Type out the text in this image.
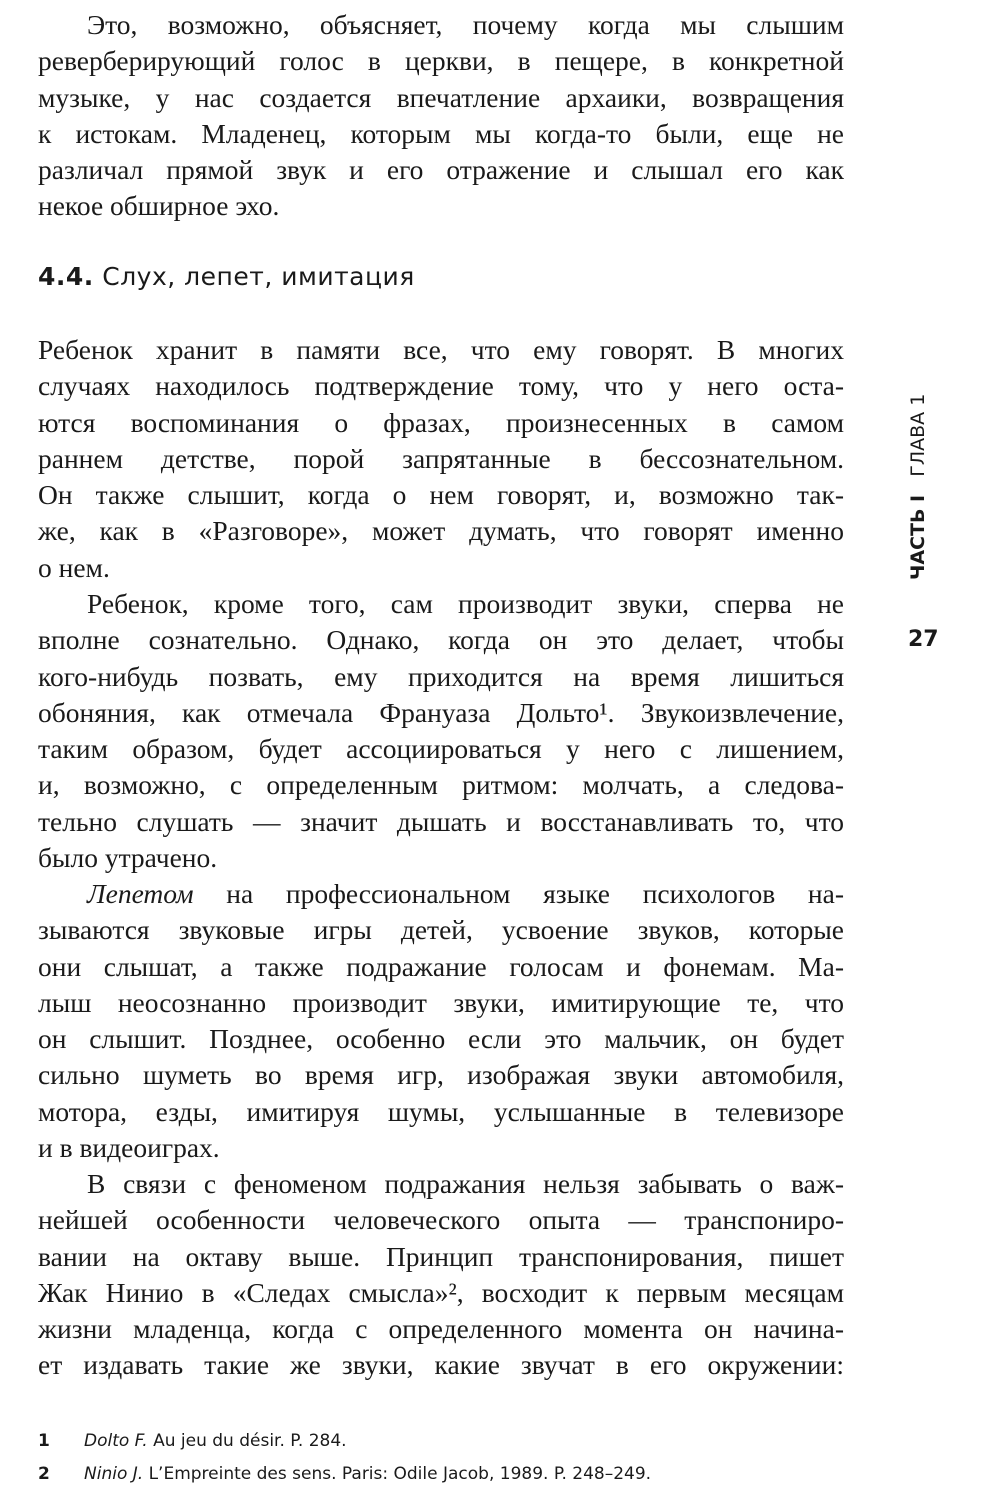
Это, возможно, объясняет, почему когда мы слышим
реверберирующий голос в церкви, в пещере, в конкретной
музыке, у нас создается впечатление архаики, возвращения
к истокам. Младенец, которым мы когда-то были, еще не
различал прямой звук и его отражение и слышал его как
некое обширное эхо.
4.4. Слух, лепет, имитация
Ребенок хранит в памяти все, что ему говорят. В многих
случаях находилось подтверждение тому, что у него оста-
ются воспоминания о фразах, произнесенных в самом
раннем детстве, порой запрятанные в бессознательном.
Он также слышит, когда о нем говорят, и, возможно так-
же, как в «Разговоре», может думать, что говорят именно
о нем.
Ребенок, кроме того, сам производит звуки, сперва не
вполне сознательно. Однако, когда он это делает, чтобы
кого-нибудь позвать, ему приходится на время лишиться
обоняния, как отмечала Франуаза Дольто¹. Звукоизвлечение,
таким образом, будет ассоциироваться у него с лишением,
и, возможно, с определенным ритмом: молчать, а следова-
тельно слушать — значит дышать и восстанавливать то, что
было утрачено.
Лепетом на профессиональном языке психологов на-
зываются звуковые игры детей, усвоение звуков, которые
они слышат, а также подражание голосам и фонемам. Ма-
лыш неосознанно производит звуки, имитирующие те, что
он слышит. Позднее, особенно если это мальчик, он будет
сильно шуметь во время игр, изображая звуки автомобиля,
мотора, езды, имитируя шумы, услышанные в телевизоре
и в видеоиграх.
В связи с феноменом подражания нельзя забывать о важ-
нейшей особенности человеческого опыта — транспониро-
вании на октаву выше. Принцип транспонирования, пишет
Жак Нинио в «Следах смысла»², восходит к первым месяцам
жизни младенца, когда с определенного момента он начина-
ет издавать такие же звуки, какие звучат в его окружении:
ЧАСТЬ I   ГЛАВА 1
27
1 Dolto F. Au jeu du désir. P. 284.
2 Ninio J. L’Empreinte des sens. Paris: Odile Jacob, 1989. P. 248–249.
